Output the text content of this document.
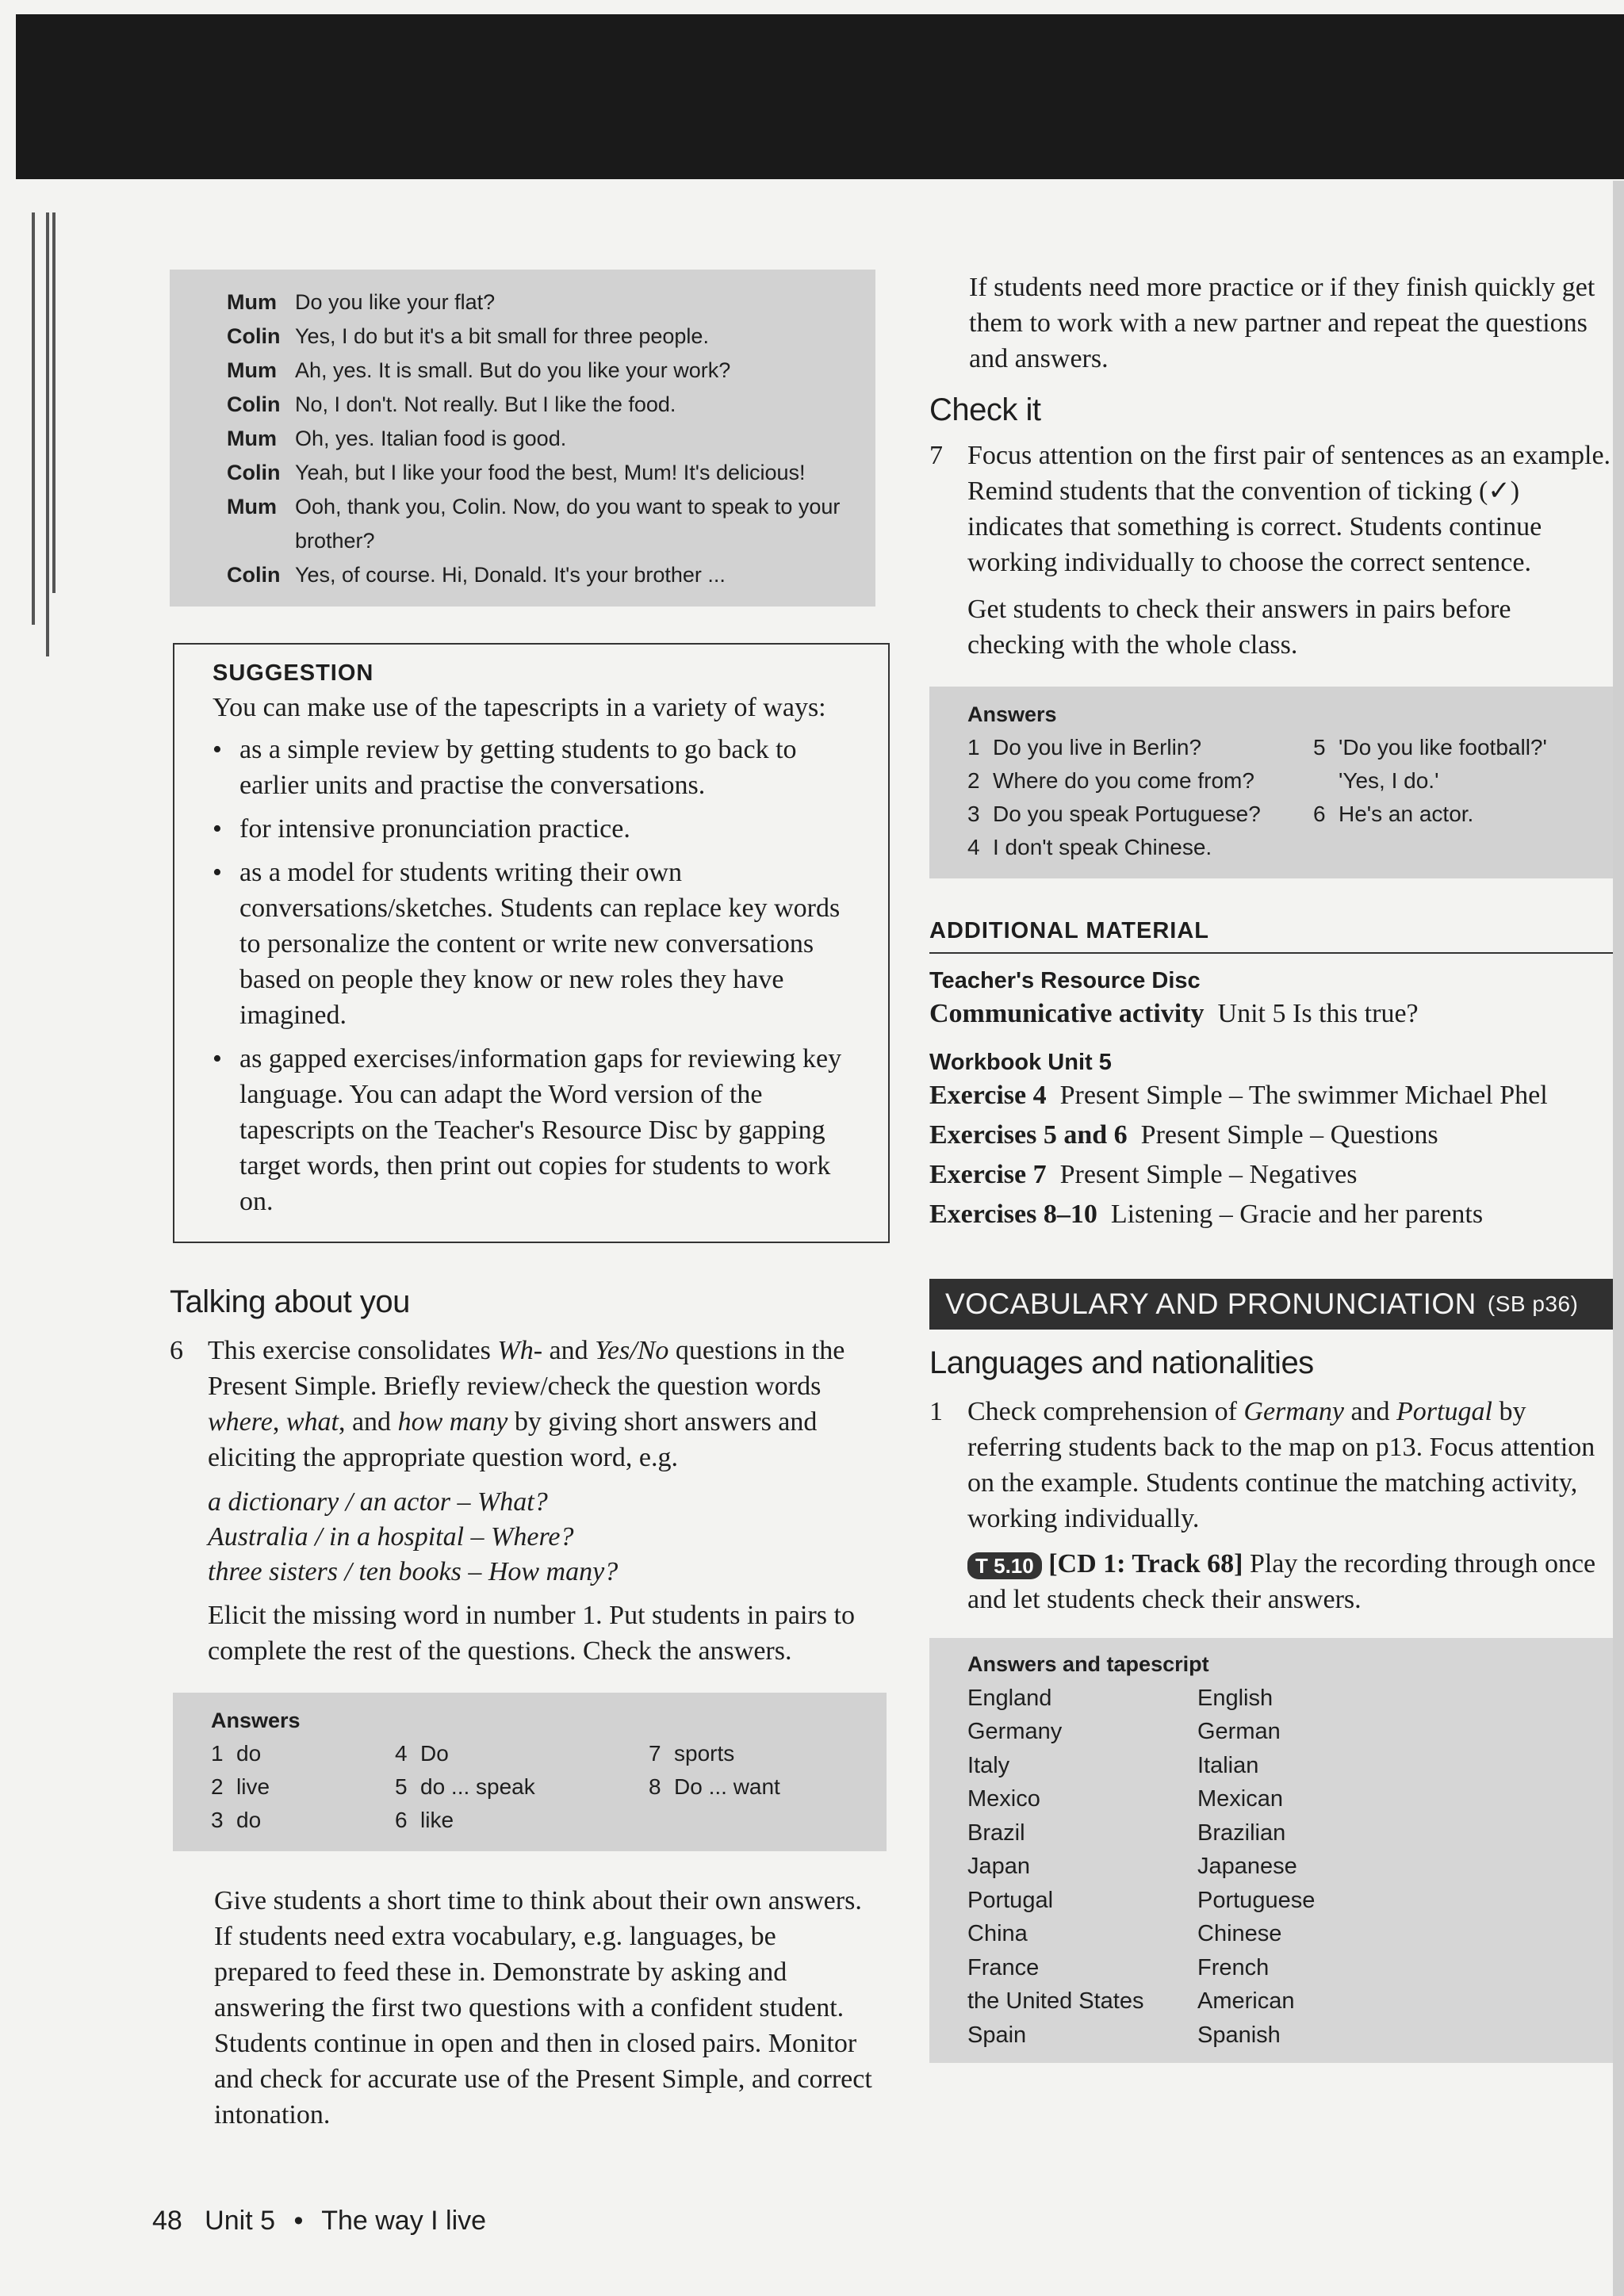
Mum Do you like your flat?
Colin Yes, I do but it's a bit small for three people.
Mum Ah, yes. It is small. But do you like your work?
Colin No, I don't. Not really. But I like the food.
Mum Oh, yes. Italian food is good.
Colin Yeah, but I like your food the best, Mum! It's delicious!
Mum Ooh, thank you, Colin. Now, do you want to speak to your brother?
Colin Yes, of course. Hi, Donald. It's your brother ...
SUGGESTION

You can make use of the tapescripts in a variety of ways:

• as a simple review by getting students to go back to earlier units and practise the conversations.
• for intensive pronunciation practice.
• as a model for students writing their own conversations/sketches. Students can replace key words to personalize the content or write new conversations based on people they know or new roles they have imagined.
• as gapped exercises/information gaps for reviewing key language. You can adapt the Word version of the tapescripts on the Teacher's Resource Disc by gapping target words, then print out copies for students to work on.
Talking about you
6 This exercise consolidates Wh- and Yes/No questions in the Present Simple. Briefly review/check the question words where, what, and how many by giving short answers and eliciting the appropriate question word, e.g.

a dictionary / an actor – What?
Australia / in a hospital – Where?
three sisters / ten books – How many?

Elicit the missing word in number 1. Put students in pairs to complete the rest of the questions. Check the answers.

Answers
1 do	4 Do	7 sports
2 live	5 do ... speak	8 Do ... want
3 do	6 like

Give students a short time to think about their own answers. If students need extra vocabulary, e.g. languages, be prepared to feed these in. Demonstrate by asking and answering the first two questions with a confident student. Students continue in open and then in closed pairs. Monitor and check for accurate use of the Present Simple, and correct intonation.

If students need more practice or if they finish quickly get them to work with a new partner and repeat the questions and answers.

Check it
7 Focus attention on the first pair of sentences as an example. Remind students that the convention of ticking (✓) indicates that something is correct. Students continue working individually to choose the correct sentence.

Get students to check their answers in pairs before checking with the whole class.

Answers
1 Do you live in Berlin?
2 Where do you come from?
3 Do you speak Portuguese?
4 I don't speak Chinese.
5 'Do you like football?'
'Yes, I do.'
6 He's an actor.
ADDITIONAL MATERIAL
Teacher's Resource Disc
Communicative activity Unit 5 Is this true?
Workbook Unit 5
Exercise 4 Present Simple – The swimmer Michael Phel
Exercises 5 and 6 Present Simple – Questions
Exercise 7 Present Simple – Negatives
Exercises 8–10 Listening – Gracie and her parents
VOCABULARY AND PRONUNCIATION (SB p36)
Languages and nationalities
1 Check comprehension of Germany and Portugal by referring students back to the map on p13. Focus attention on the example. Students continue the matching activity, working individually.

T 5.10 [CD 1: Track 68] Play the recording through once and let students check their answers.

Answers and tapescript
England	English
Germany	German
Italy	Italian
Mexico	Mexican
Brazil	Brazilian
Japan	Japanese
Portugal	Portuguese
China	Chinese
France	French
the United States	American
Spain	Spanish
48 Unit 5 • The way I live
